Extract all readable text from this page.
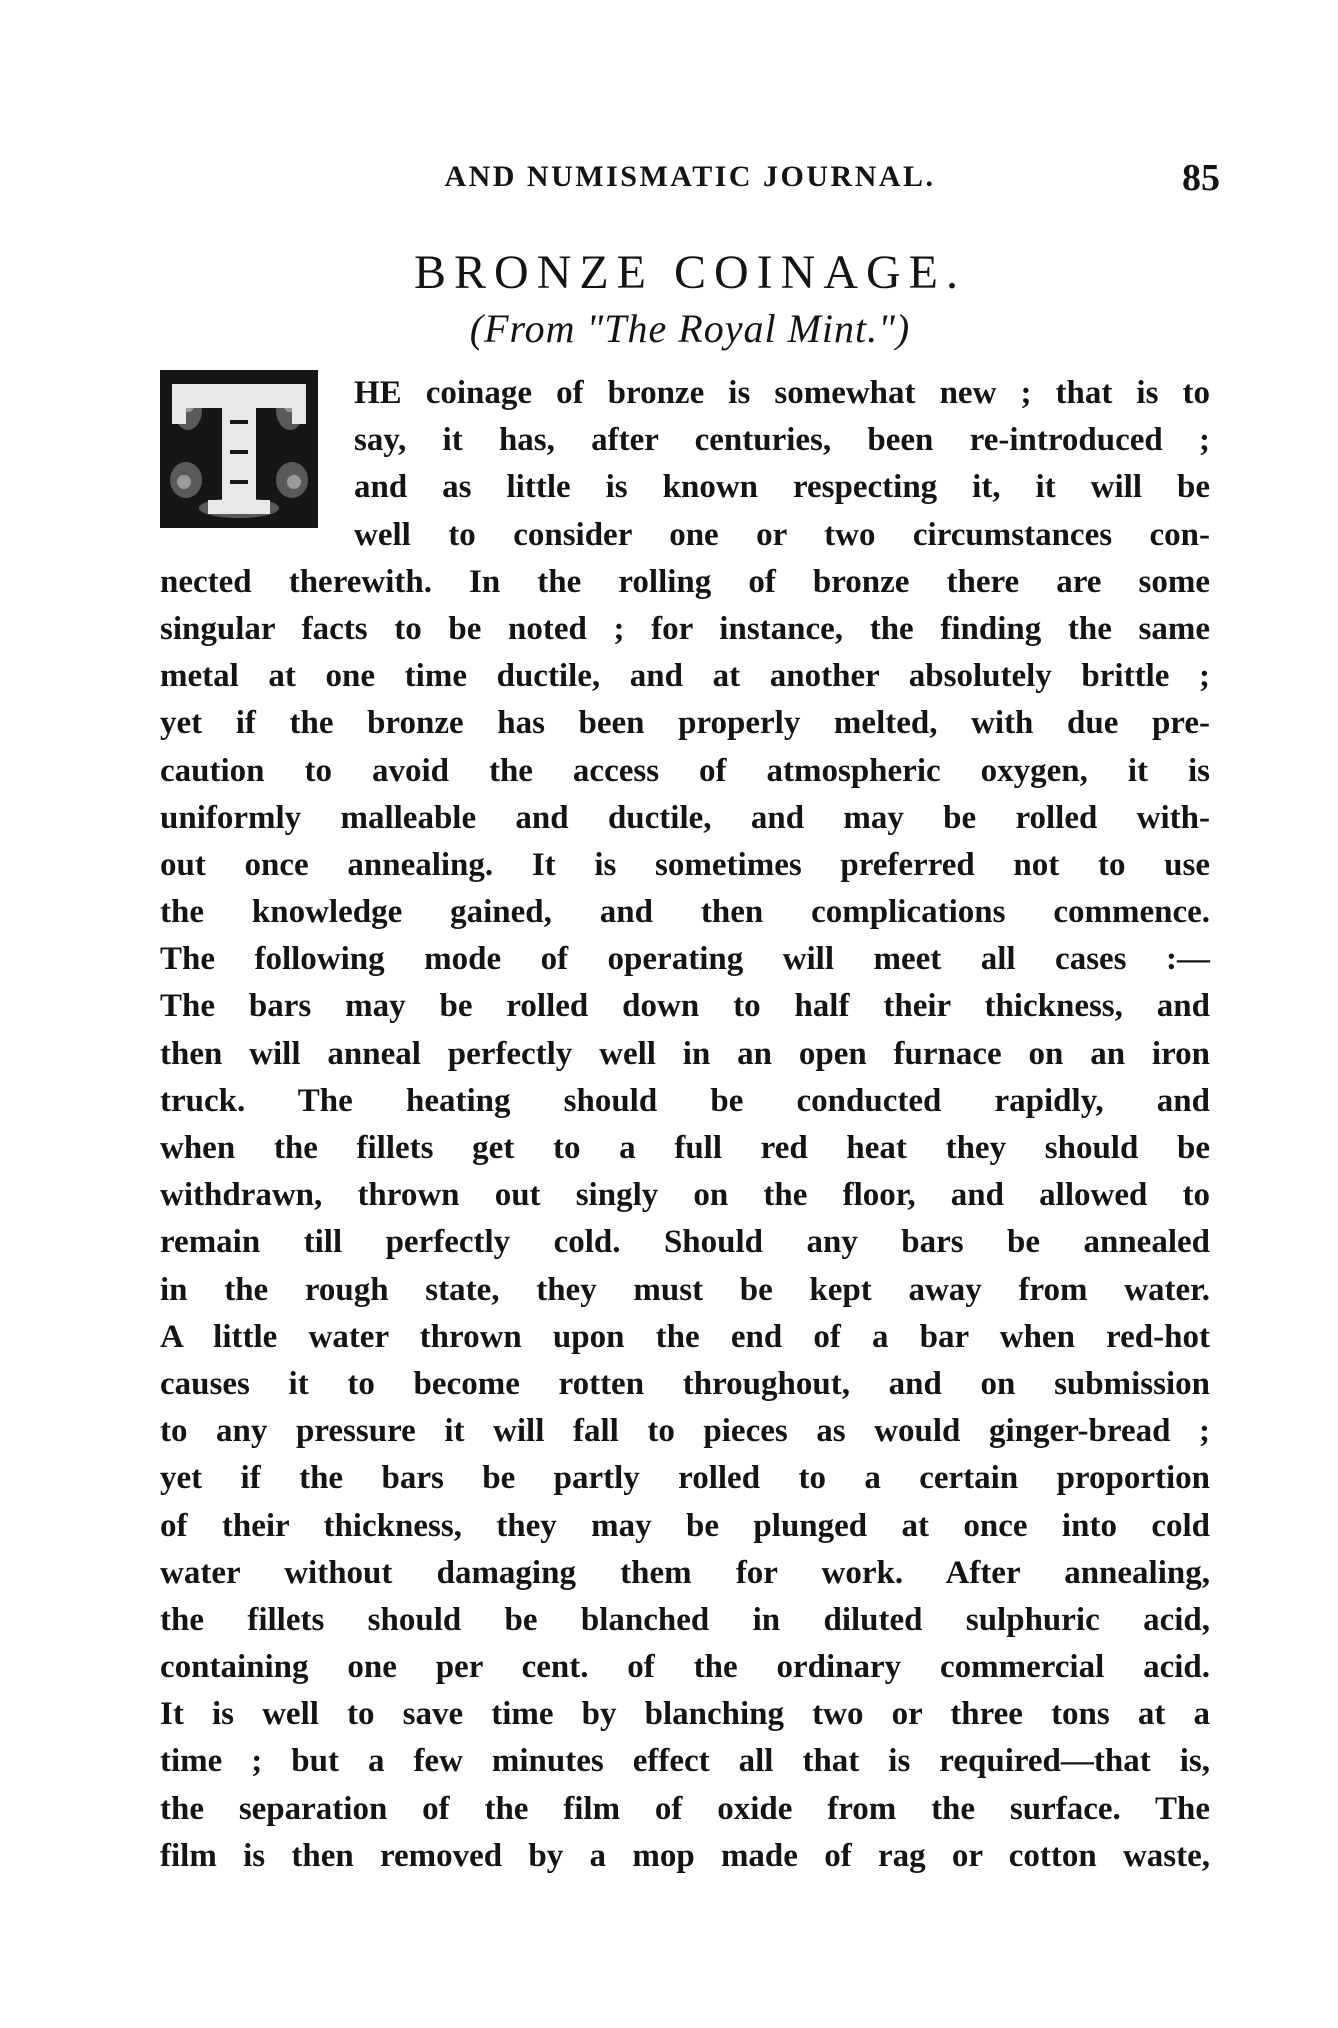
AND NUMISMATIC JOURNAL.	85
BRONZE COINAGE.
(From "The Royal Mint.")
HE coinage of bronze is somewhat new ; that is to
say, it has, after centuries, been re-introduced ;
and as little is known respecting it, it will be
well to consider one or two circumstances con-
nected therewith. In the rolling of bronze there are some
singular facts to be noted ; for instance, the finding the same
metal at one time ductile, and at another absolutely brittle ;
yet if the bronze has been properly melted, with due pre-
caution to avoid the access of atmospheric oxygen, it is
uniformly malleable and ductile, and may be rolled with-
out once annealing. It is sometimes preferred not to use
the knowledge gained, and then complications commence.
The following mode of operating will meet all cases :—
The bars may be rolled down to half their thickness, and
then will anneal perfectly well in an open furnace on an iron
truck. The heating should be conducted rapidly, and
when the fillets get to a full red heat they should be
withdrawn, thrown out singly on the floor, and allowed to
remain till perfectly cold. Should any bars be annealed
in the rough state, they must be kept away from water.
A little water thrown upon the end of a bar when red-hot
causes it to become rotten throughout, and on submission
to any pressure it will fall to pieces as would ginger-bread ;
yet if the bars be partly rolled to a certain proportion
of their thickness, they may be plunged at once into cold
water without damaging them for work. After annealing,
the fillets should be blanched in diluted sulphuric acid,
containing one per cent. of the ordinary commercial acid.
It is well to save time by blanching two or three tons at a
time ; but a few minutes effect all that is required—that is,
the separation of the film of oxide from the surface. The
film is then removed by a mop made of rag or cotton waste,
